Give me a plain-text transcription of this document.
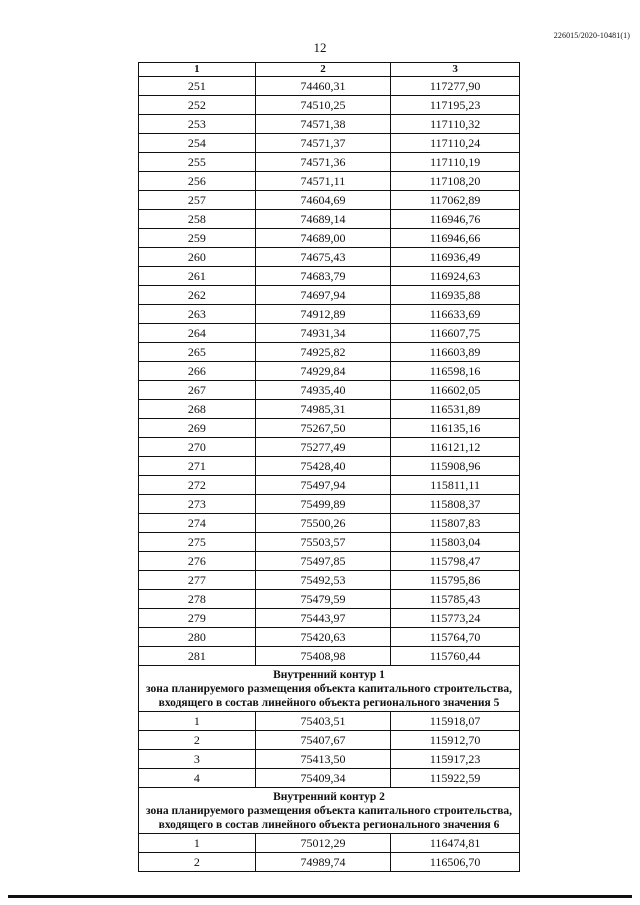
226015/2020-10481(1)
12
1	2	3
251	74460,31	117277,90
252	74510,25	117195,23
253	74571,38	117110,32
254	74571,37	117110,24
255	74571,36	117110,19
256	74571,11	117108,20
257	74604,69	117062,89
258	74689,14	116946,76
259	74689,00	116946,66
260	74675,43	116936,49
261	74683,79	116924,63
262	74697,94	116935,88
263	74912,89	116633,69
264	74931,34	116607,75
265	74925,82	116603,89
266	74929,84	116598,16
267	74935,40	116602,05
268	74985,31	116531,89
269	75267,50	116135,16
270	75277,49	116121,12
271	75428,40	115908,96
272	75497,94	115811,11
273	75499,89	115808,37
274	75500,26	115807,83
275	75503,57	115803,04
276	75497,85	115798,47
277	75492,53	115795,86
278	75479,59	115785,43
279	75443,97	115773,24
280	75420,63	115764,70
281	75408,98	115760,44

Внутренний контур 1
зона планируемого размещения объекта капитального строительства, входящего в состав линейного объекта регионального значения 5		

1	75403,51	115918,07
2	75407,67	115912,70
3	75413,50	115917,23
4	75409,34	115922,59

Внутренний контур 2
зона планируемого размещения объекта капитального строительства, входящего в состав линейного объекта регионального значения 6		

1	75012,29	116474,81
2	74989,74	116506,70
